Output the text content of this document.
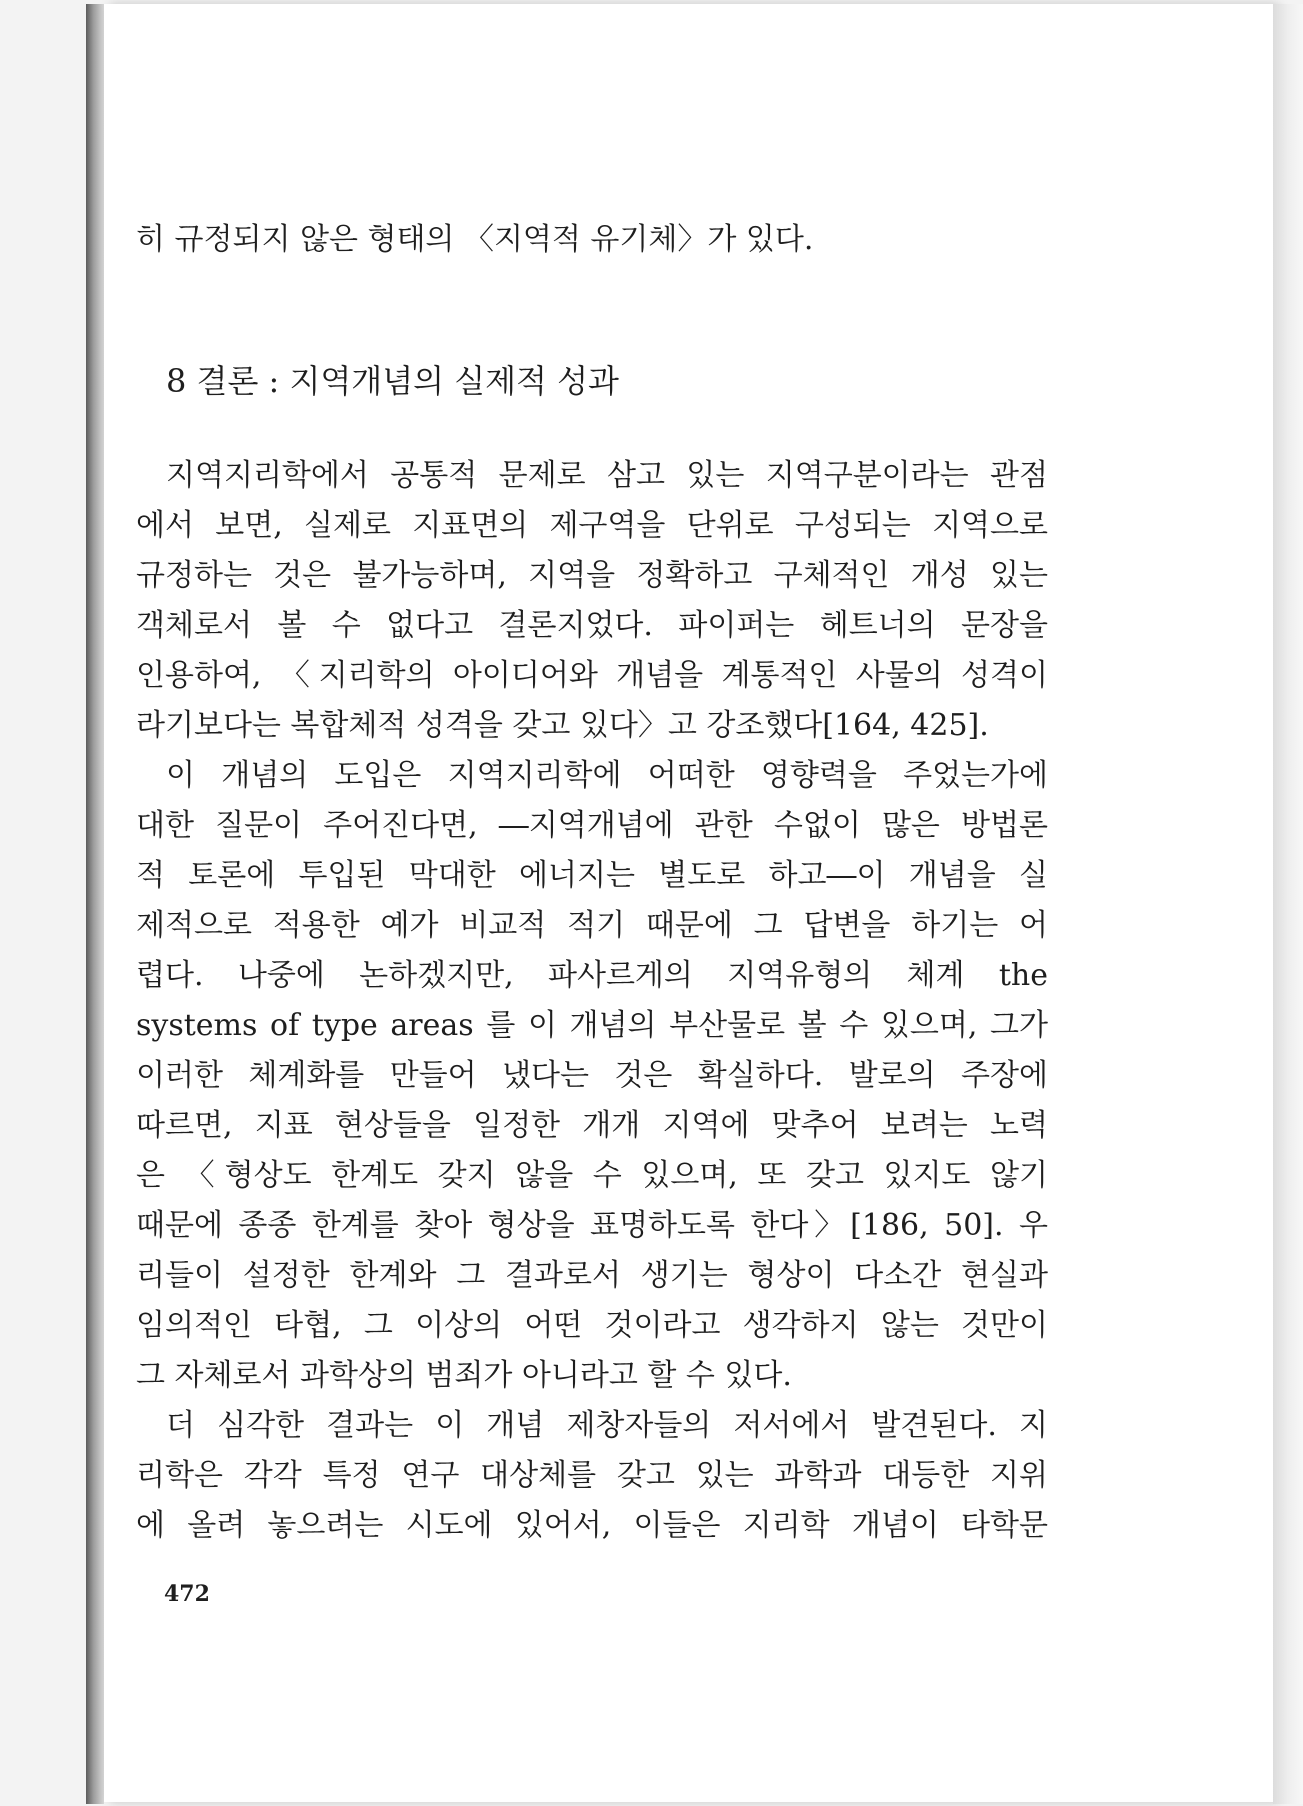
히 규정되지 않은 형태의 〈지역적 유기체〉가 있다.
8 결론 : 지역개념의 실제적 성과
지역지리학에서 공통적 문제로 삼고 있는 지역구분이라는 관점
에서 보면, 실제로 지표면의 제구역을 단위로 구성되는 지역으로
규정하는 것은 불가능하며, 지역을 정확하고 구체적인 개성 있는
객체로서 볼 수 없다고 결론지었다. 파이퍼는 헤트너의 문장을
인용하여, 〈지리학의 아이디어와 개념을 계통적인 사물의 성격이
라기보다는 복합체적 성격을 갖고 있다〉고 강조했다[164, 425].
이 개념의 도입은 지역지리학에 어떠한 영향력을 주었는가에
대한 질문이 주어진다면, ―지역개념에 관한 수없이 많은 방법론
적 토론에 투입된 막대한 에너지는 별도로 하고―이 개념을 실
제적으로 적용한 예가 비교적 적기 때문에 그 답변을 하기는 어
렵다. 나중에 논하겠지만, 파사르게의 지역유형의 체계 the
systems of type areas 를 이 개념의 부산물로 볼 수 있으며, 그가
이러한 체계화를 만들어 냈다는 것은 확실하다. 발로의 주장에
따르면, 지표 현상들을 일정한 개개 지역에 맞추어 보려는 노력
은 〈형상도 한계도 갖지 않을 수 있으며, 또 갖고 있지도 않기
때문에 종종 한계를 찾아 형상을 표명하도록 한다〉[186, 50]. 우
리들이 설정한 한계와 그 결과로서 생기는 형상이 다소간 현실과
임의적인 타협, 그 이상의 어떤 것이라고 생각하지 않는 것만이
그 자체로서 과학상의 범죄가 아니라고 할 수 있다.
더 심각한 결과는 이 개념 제창자들의 저서에서 발견된다. 지
리학은 각각 특정 연구 대상체를 갖고 있는 과학과 대등한 지위
에 올려 놓으려는 시도에 있어서, 이들은 지리학 개념이 타학문
472
